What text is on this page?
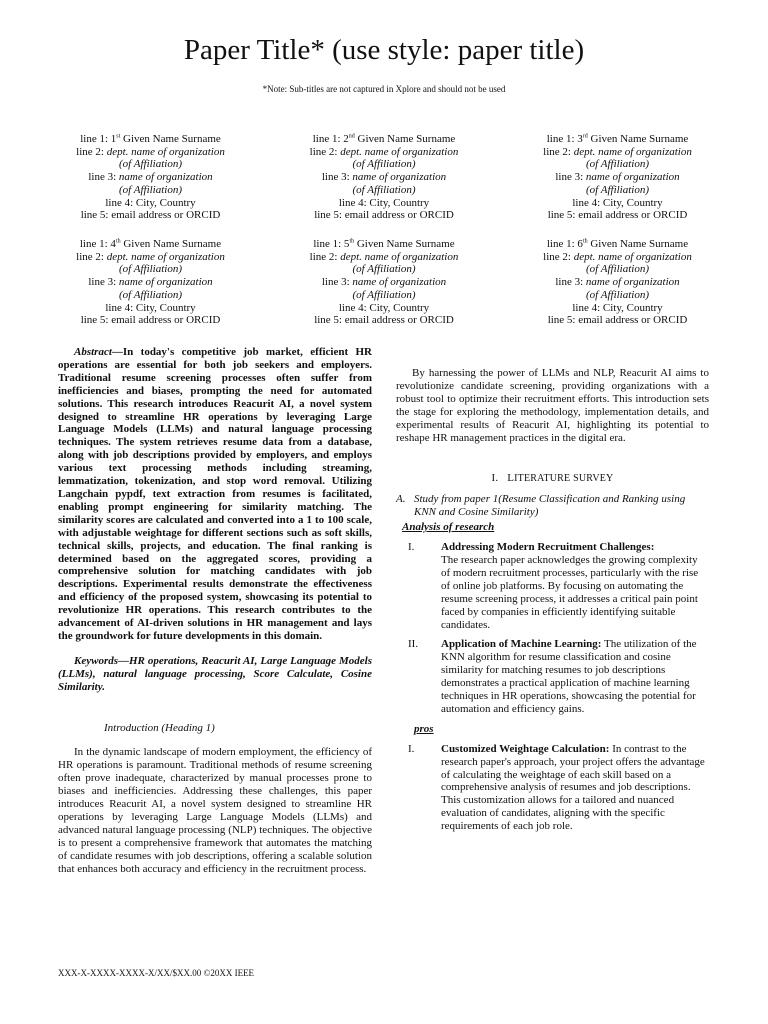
Paper Title* (use style: paper title)
*Note: Sub-titles are not captured in Xplore and should not be used
line 1: 1st Given Name Surname
line 2: dept. name of organization
(of Affiliation)
line 3: name of organization
(of Affiliation)
line 4: City, Country
line 5: email address or ORCID
line 1: 2nd Given Name Surname
line 2: dept. name of organization
(of Affiliation)
line 3: name of organization
(of Affiliation)
line 4: City, Country
line 5: email address or ORCID
line 1: 3rd Given Name Surname
line 2: dept. name of organization
(of Affiliation)
line 3: name of organization
(of Affiliation)
line 4: City, Country
line 5: email address or ORCID
line 1: 4th Given Name Surname
line 2: dept. name of organization
(of Affiliation)
line 3: name of organization
(of Affiliation)
line 4: City, Country
line 5: email address or ORCID
line 1: 5th Given Name Surname
line 2: dept. name of organization
(of Affiliation)
line 3: name of organization
(of Affiliation)
line 4: City, Country
line 5: email address or ORCID
line 1: 6th Given Name Surname
line 2: dept. name of organization
(of Affiliation)
line 3: name of organization
(of Affiliation)
line 4: City, Country
line 5: email address or ORCID
Abstract—In today's competitive job market, efficient HR operations are essential for both job seekers and employers. Traditional resume screening processes often suffer from inefficiencies and biases, prompting the need for automated solutions. This research introduces Reacurit AI, a novel system designed to streamline HR operations by leveraging Large Language Models (LLMs) and natural language processing techniques. The system retrieves resume data from a database, along with job descriptions provided by employers, and employs various text processing methods including streaming, lemmatization, tokenization, and stop word removal. Utilizing Langchain pypdf, text extraction from resumes is facilitated, enabling prompt engineering for similarity matching. The similarity scores are calculated and converted into a 1 to 100 scale, with adjustable weightage for different sections such as soft skills, technical skills, projects, and education. The final ranking is determined based on the aggregated scores, providing a comprehensive solution for matching candidates with job descriptions. Experimental results demonstrate the effectiveness and efficiency of the proposed system, showcasing its potential to revolutionize HR operations. This research contributes to the advancement of AI-driven solutions in HR management and lays the groundwork for future developments in this domain.
Keywords—HR operations, Reacurit AI, Large Language Models (LLMs), natural language processing, Score Calculate, Cosine Similarity.
Introduction (Heading 1)
In the dynamic landscape of modern employment, the efficiency of HR operations is paramount. Traditional methods of resume screening often prove inadequate, characterized by manual processes prone to biases and inefficiencies. Addressing these challenges, this paper introduces Reacurit AI, a novel system designed to streamline HR operations by leveraging Large Language Models (LLMs) and advanced natural language processing (NLP) techniques. The objective is to present a comprehensive framework that automates the matching of candidate resumes with job descriptions, offering a scalable solution that enhances both accuracy and efficiency in the recruitment process.
By harnessing the power of LLMs and NLP, Reacurit AI aims to revolutionize candidate screening, providing organizations with a robust tool to optimize their recruitment efforts. This introduction sets the stage for exploring the methodology, implementation details, and experimental results of Reacurit AI, highlighting its potential to reshape HR management practices in the digital era.
I. LITERATURE SURVEY
A. Study from paper 1(Resume Classification and Ranking using KNN and Cosine Similarity)
Analysis of research
I.	Addressing Modern Recruitment Challenges:
The research paper acknowledges the growing complexity of modern recruitment processes, particularly with the rise of online job platforms. By focusing on automating the resume screening process, it addresses a critical pain point faced by companies in efficiently identifying suitable candidates.
II.	Application of Machine Learning: The utilization of the KNN algorithm for resume classification and cosine similarity for matching resumes to job descriptions demonstrates a practical application of machine learning techniques in HR operations, showcasing the potential for automation and efficiency gains.
pros
I.	Customized Weightage Calculation: In contrast to the research paper's approach, your project offers the advantage of calculating the weightage of each skill based on a comprehensive analysis of resumes and job descriptions. This customization allows for a tailored and nuanced evaluation of candidates, aligning with the specific requirements of each job role.
XXX-X-XXXX-XXXX-X/XX/$XX.00 ©20XX IEEE
